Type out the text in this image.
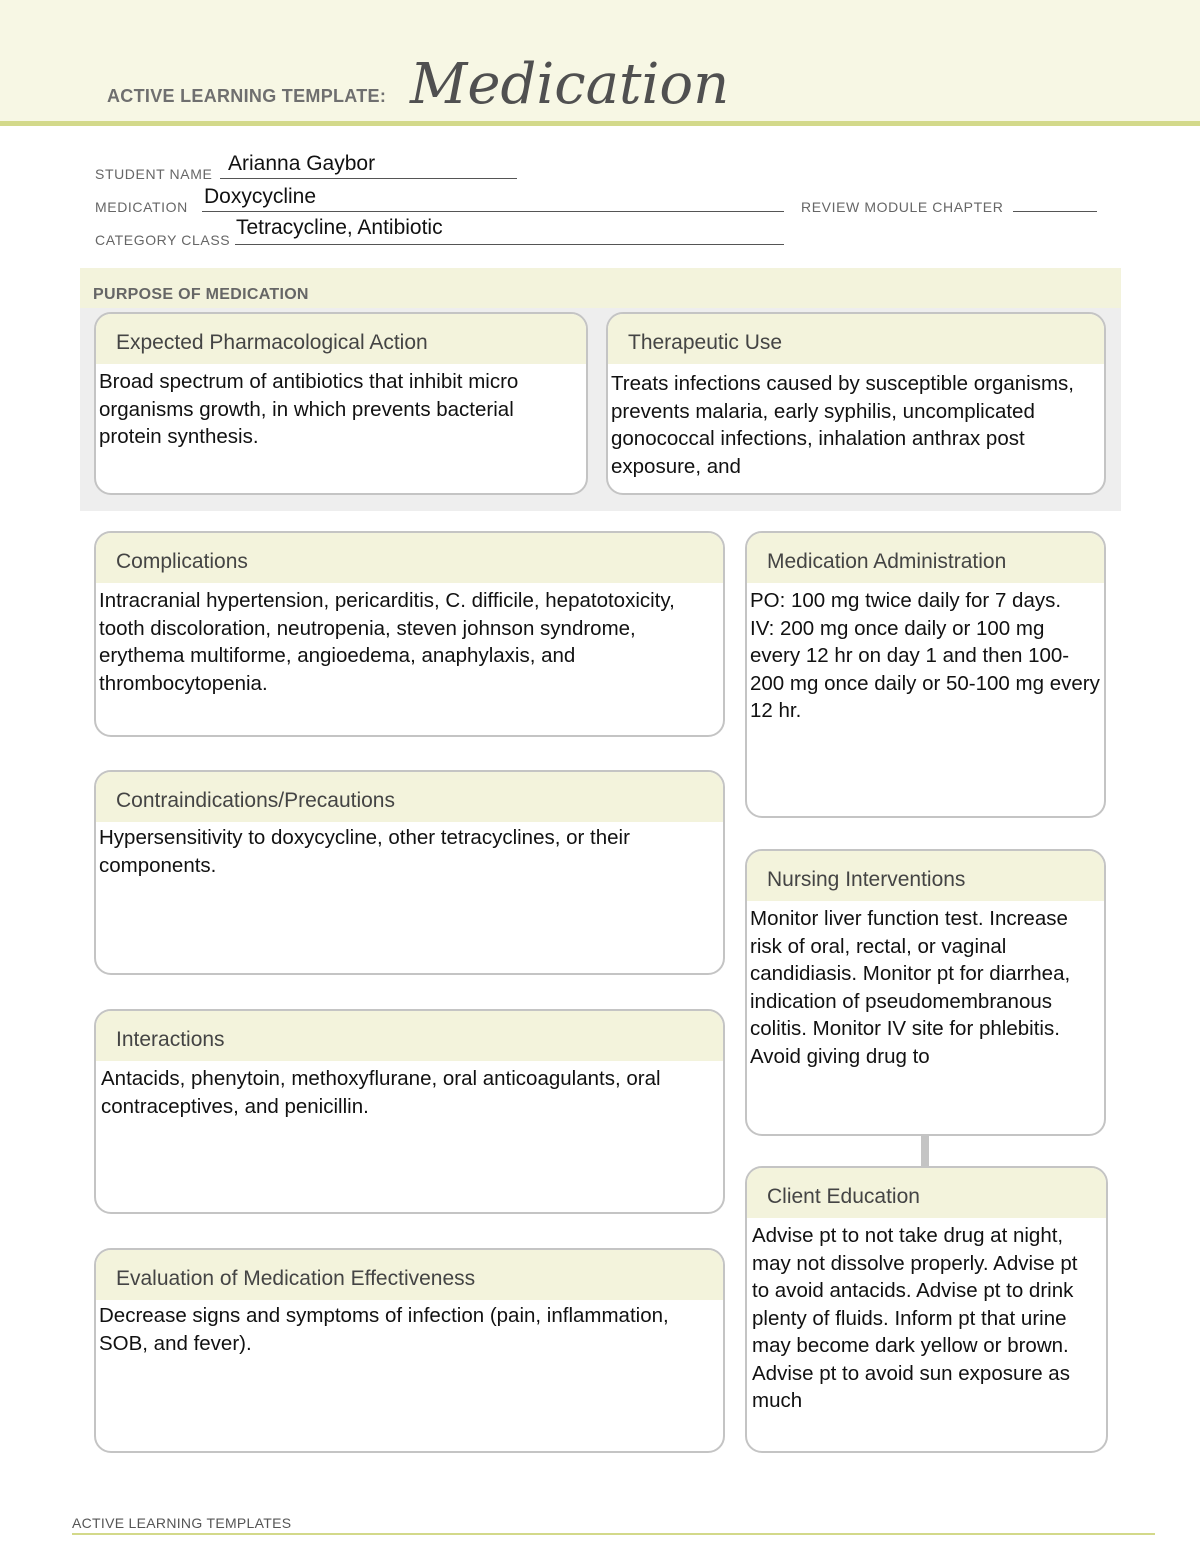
ACTIVE LEARNING TEMPLATE: Medication
STUDENT NAME Arianna Gaybor
MEDICATION Doxycycline	REVIEW MODULE CHAPTER
CATEGORY CLASS
Tetracycline, Antibiotic
PURPOSE OF MEDICATION
Expected Pharmacological Action
Broad spectrum of antibiotics that inhibit micro organisms growth, in which prevents bacterial protein synthesis.
Therapeutic Use
Treats infections caused by susceptible organisms, prevents malaria, early syphilis, uncomplicated gonococcal infections, inhalation anthrax post exposure, and
Complications
Intracranial hypertension, pericarditis, C. difficile, hepatotoxicity, tooth discoloration, neutropenia, steven johnson syndrome, erythema multiforme, angioedema, anaphylaxis, and thrombocytopenia.
Contraindications/Precautions
Hypersensitivity to doxycycline, other tetracyclines, or their components.
Interactions
Antacids, phenytoin, methoxyflurane, oral anticoagulants, oral contraceptives, and penicillin.
Evaluation of Medication Effectiveness
Decrease signs and symptoms of infection (pain, inflammation, SOB, and fever).
Medication Administration
PO: 100 mg twice daily for 7 days.
IV: 200 mg once daily or 100 mg every 12 hr on day 1 and then 100-200 mg once daily or 50-100 mg every 12 hr.
Nursing Interventions
Monitor liver function test. Increase risk of oral, rectal, or vaginal candidiasis. Monitor pt for diarrhea, indication of pseudomembranous colitis. Monitor IV site for phlebitis. Avoid giving drug to
Client Education
Advise pt to not take drug at night, may not dissolve properly. Advise pt to avoid antacids. Advise pt to drink plenty of fluids. Inform pt that urine may become dark yellow or brown. Advise pt to avoid sun exposure as much
ACTIVE LEARNING TEMPLATES
